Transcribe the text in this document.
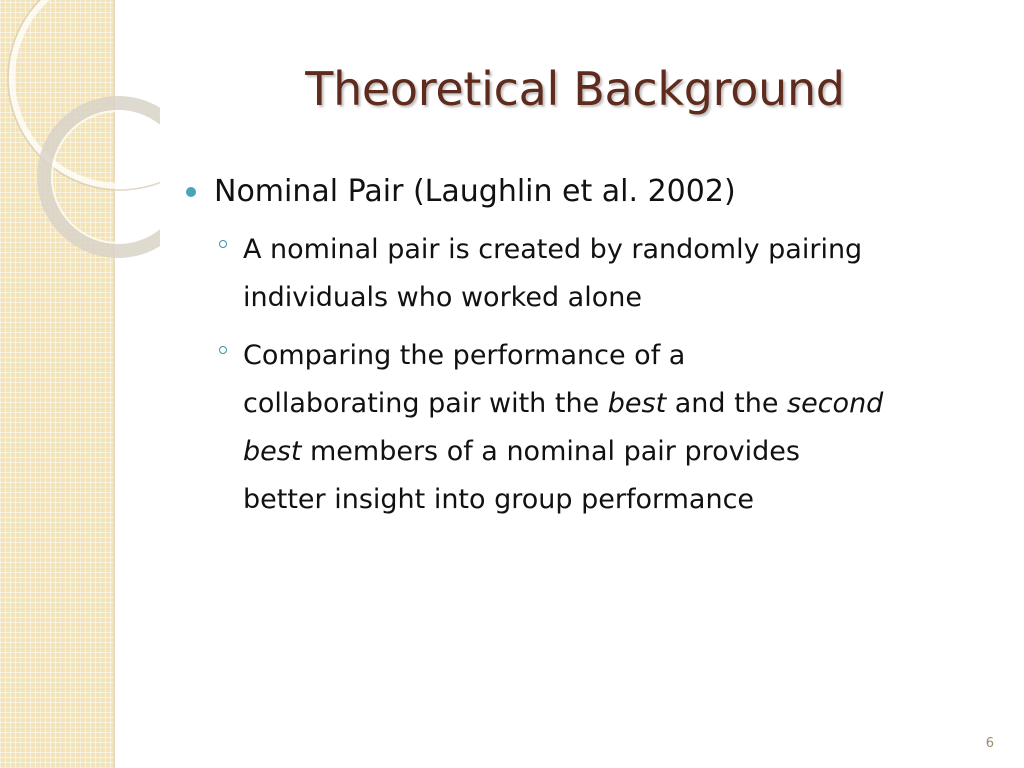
Theoretical Background
Nominal Pair (Laughlin et al. 2002)
A nominal pair is created by randomly pairing
individuals who worked alone
Comparing the performance of a
collaborating pair with the best and the second
best members of a nominal pair provides
better insight into group performance
6
